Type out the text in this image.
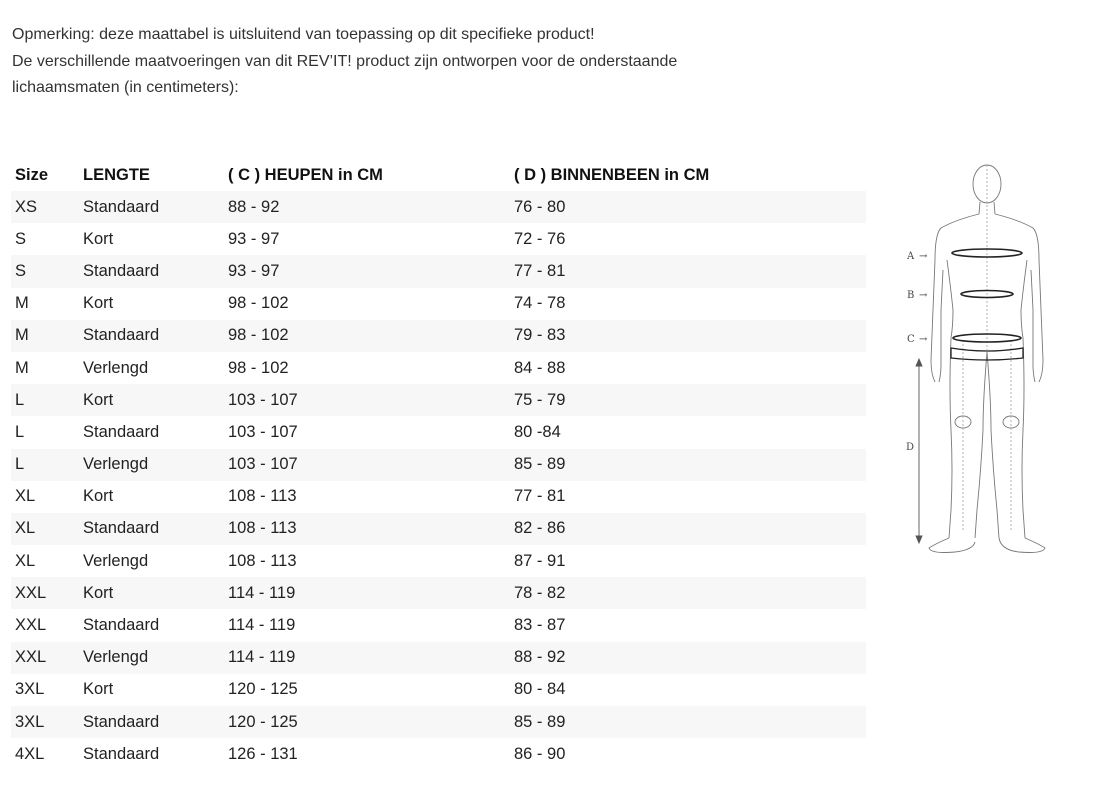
Opmerking: deze maattabel is uitsluitend van toepassing op dit specifieke product!

De verschillende maatvoeringen van dit REV’IT! product zijn ontworpen voor de onderstaande

lichaamsmaten (in centimeters):

Size	LENGTE	( C ) HEUPEN in CM	( D ) BINNENBEEN in CM
XS	Standaard	88 - 92	76 - 80
S	Kort	93 - 97	72 - 76
S	Standaard	93 - 97	77 - 81
M	Kort	98 - 102	74 - 78
M	Standaard	98 - 102	79 - 83
M	Verlengd	98 - 102	84 - 88
L	Kort	103 - 107	75 - 79
L	Standaard	103 - 107	80 -84
L	Verlengd	103 - 107	85 - 89
XL	Kort	108 - 113	77 - 81
XL	Standaard	108 - 113	82 - 86
XL	Verlengd	108 - 113	87 - 91
XXL	Kort	114 - 119	78 - 82
XXL	Standaard	114 - 119	83 - 87
XXL	Verlengd	114 - 119	88 - 92
3XL	Kort	120 - 125	80 - 84
3XL	Standaard	120 - 125	85 - 89
4XL	Standaard	126 - 131	86 - 90
A →
B →
C →
D
